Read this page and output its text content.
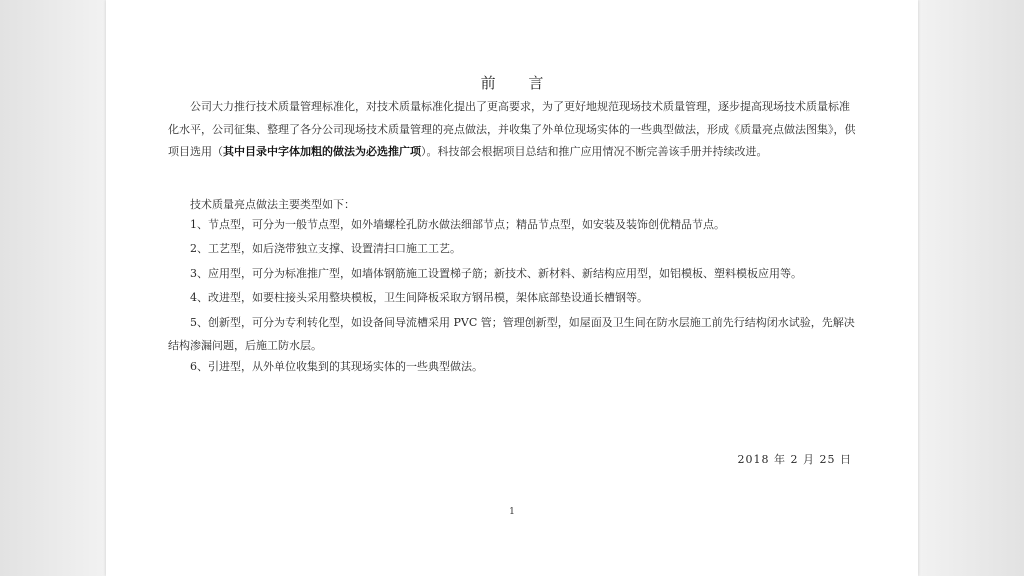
前 言

公司大力推行技术质量管理标准化，对技术质量标准化提出了更高要求，为了更好地规范现场技术质量管理，逐步提高现场技术质量标准化水平，公司征集、整理了各分公司现场技术质量管理的亮点做法，并收集了外单位现场实体的一些典型做法，形成《质量亮点做法图集》，供项目选用（其中目录中字体加粗的做法为必选推广项）。科技部会根据项目总结和推广应用情况不断完善该手册并持续改进。

技术质量亮点做法主要类型如下：

1、节点型，可分为一般节点型，如外墙螺栓孔防水做法细部节点；精品节点型，如安装及装饰创优精品节点。

2、工艺型，如后浇带独立支撑、设置清扫口施工工艺。

3、应用型，可分为标准推广型，如墙体钢筋施工设置梯子筋；新技术、新材料、新结构应用型，如铝模板、塑料模板应用等。

4、改进型，如要柱接头采用整块模板，卫生间降板采取方钢吊模，架体底部垫设通长槽钢等。

5、创新型，可分为专利转化型，如设备间导流槽采用 PVC 管；管理创新型，如屋面及卫生间在防水层施工前先行结构闭水试验，先解决结构渗漏问题，后施工防水层。

6、引进型，从外单位收集到的其现场实体的一些典型做法。

2018 年 2 月 25 日
1
